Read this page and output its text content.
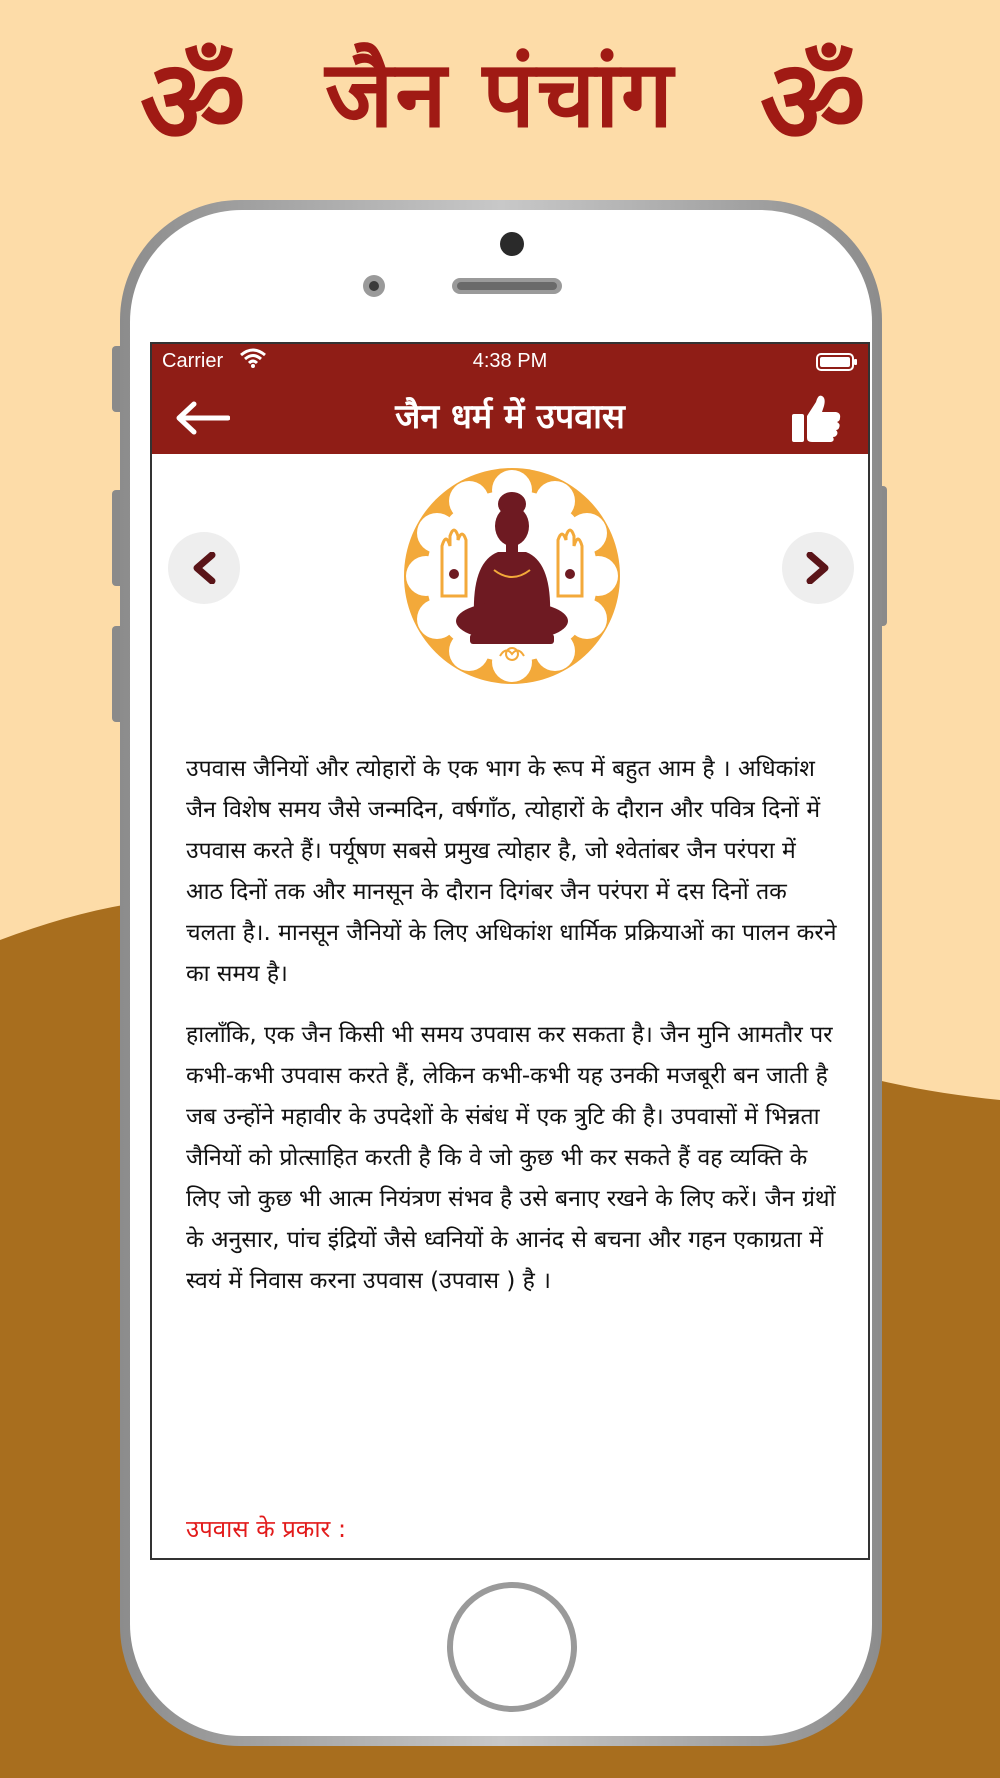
ॐ जैन पंचांग ॐ
Carrier	4:38 PM
जैन धर्म में उपवास

उपवास जैनियों और त्योहारों के एक भाग के रूप में बहुत आम है । अधिकांश जैन विशेष समय जैसे जन्मदिन, वर्षगाँठ, त्योहारों के दौरान और पवित्र दिनों में उपवास करते हैं। पर्यूषण सबसे प्रमुख त्योहार है, जो श्वेतांबर जैन परंपरा में आठ दिनों तक और मानसून के दौरान दिगंबर जैन परंपरा में दस दिनों तक चलता है।. मानसून जैनियों के लिए अधिकांश धार्मिक प्रक्रियाओं का पालन करने का समय है।

हालाँकि, एक जैन किसी भी समय उपवास कर सकता है। जैन मुनि आमतौर पर कभी-कभी उपवास करते हैं, लेकिन कभी-कभी यह उनकी मजबूरी बन जाती है जब उन्होंने महावीर के उपदेशों के संबंध में एक त्रुटि की है। उपवासों में भिन्नता जैनियों को प्रोत्साहित करती है कि वे जो कुछ भी कर सकते हैं वह व्यक्ति के लिए जो कुछ भी आत्म नियंत्रण संभव है उसे बनाए रखने के लिए करें। जैन ग्रंथों के अनुसार, पांच इंद्रियों जैसे ध्वनियों के आनंद से बचना और गहन एकाग्रता में स्वयं में निवास करना उपवास (उपवास ) है ।

उपवास के प्रकार :
